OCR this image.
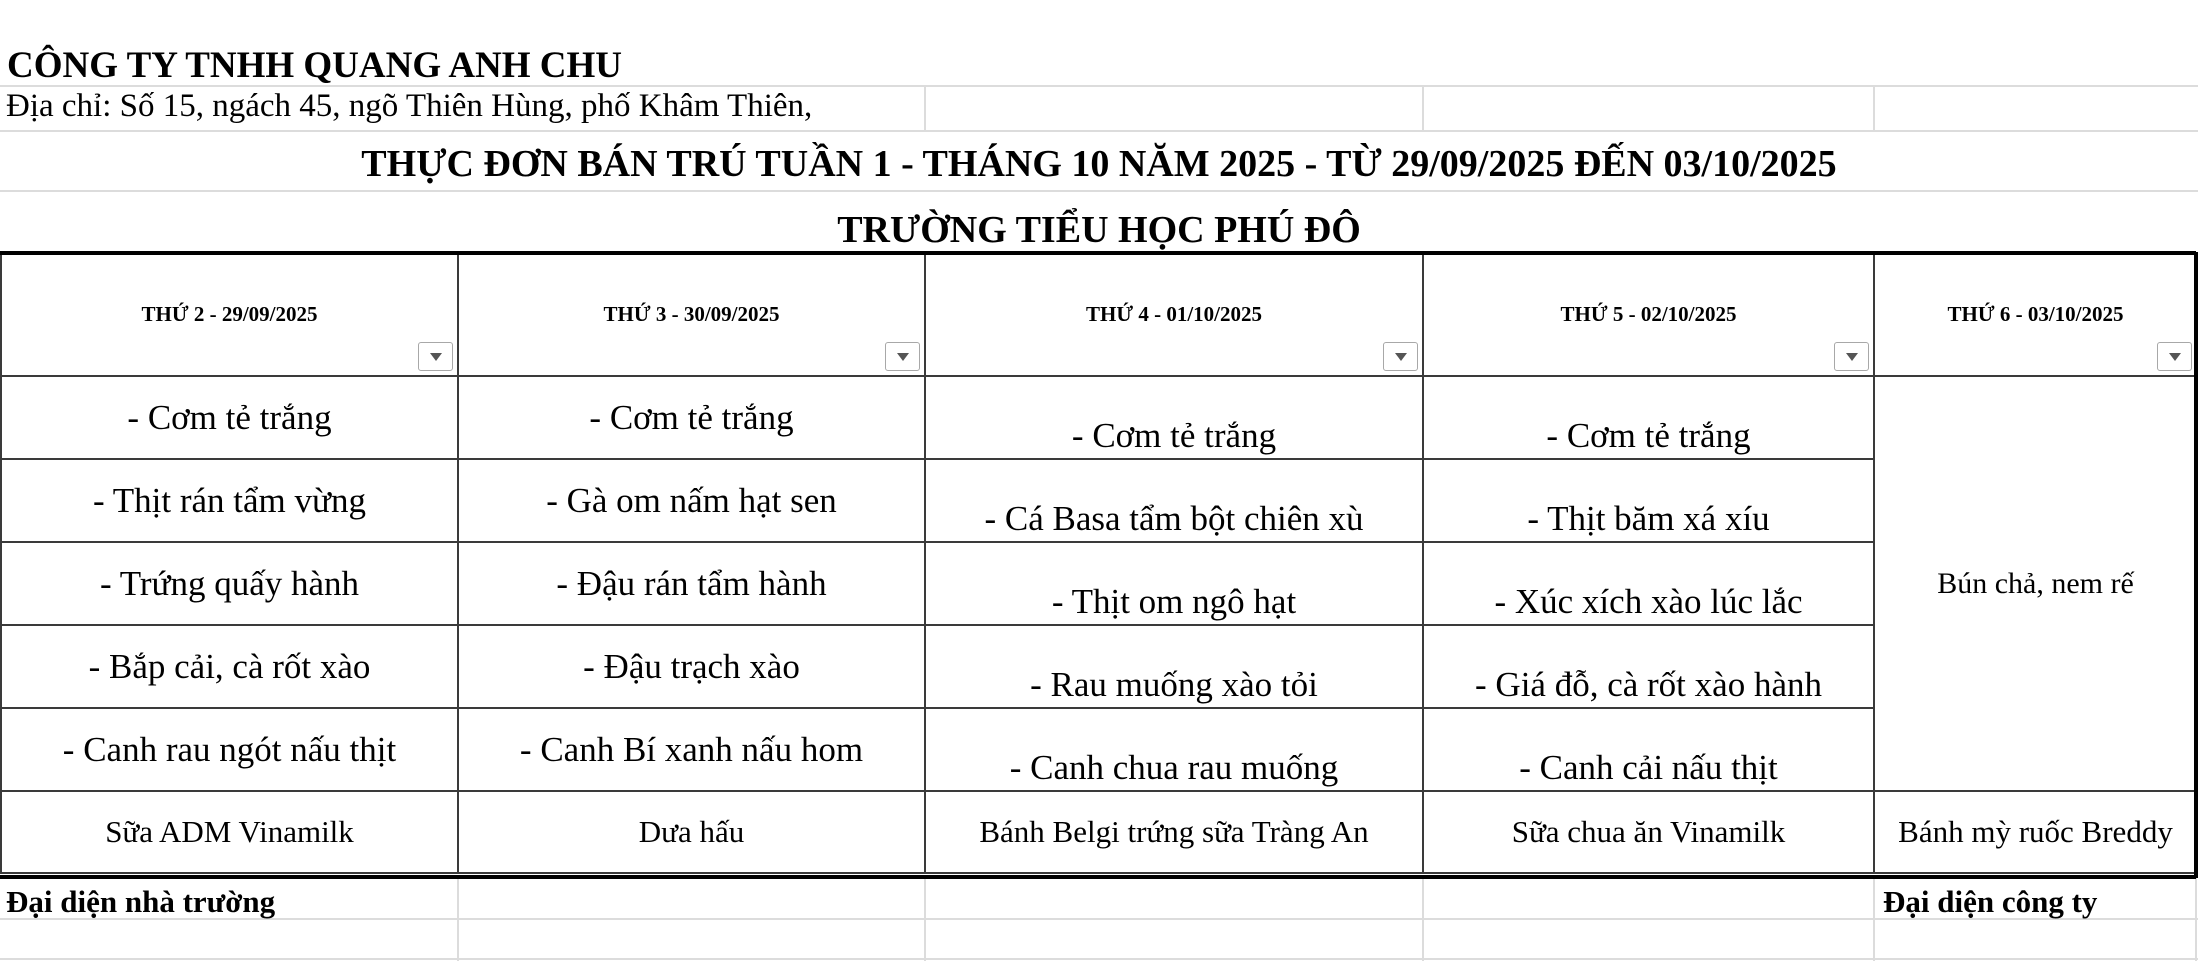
CÔNG TY TNHH QUANG ANH CHU
Địa chỉ: Số 15, ngách 45, ngõ Thiên Hùng, phố Khâm Thiên,
THỰC ĐƠN BÁN TRÚ TUẦN 1 - THÁNG 10 NĂM 2025 - TỪ 29/09/2025 ĐẾN 03/10/2025
TRƯỜNG TIỂU HỌC PHÚ ĐÔ
THỨ 2 - 29/09/2025	THỨ 3 - 30/09/2025	THỨ 4 - 01/10/2025	THỨ 5 - 02/10/2025	THỨ 6 - 03/10/2025

- Cơm tẻ trắng	- Cơm tẻ trắng	- Cơm tẻ trắng	- Cơm tẻ trắng	Bún chả, nem rế
- Thịt rán tẩm vừng	- Gà om nấm hạt sen	- Cá Basa tẩm bột chiên xù	- Thịt băm xá xíu	

- Trứng quấy hành	- Đậu rán tẩm hành	- Thịt om ngô hạt	- Xúc xích xào lúc lắc	

- Bắp cải, cà rốt xào	- Đậu trạch xào	- Rau muống xào tỏi	- Giá đỗ, cà rốt xào hành	

- Canh rau ngót nấu thịt	- Canh Bí xanh nấu hom	- Canh chua rau muống	- Canh cải nấu thịt	

Sữa ADM Vinamilk	Dưa hấu	Bánh Belgi trứng sữa Tràng An	Sữa chua ăn Vinamilk	Bánh mỳ ruốc Breddy
Đại diện nhà trường	Đại diện công ty
